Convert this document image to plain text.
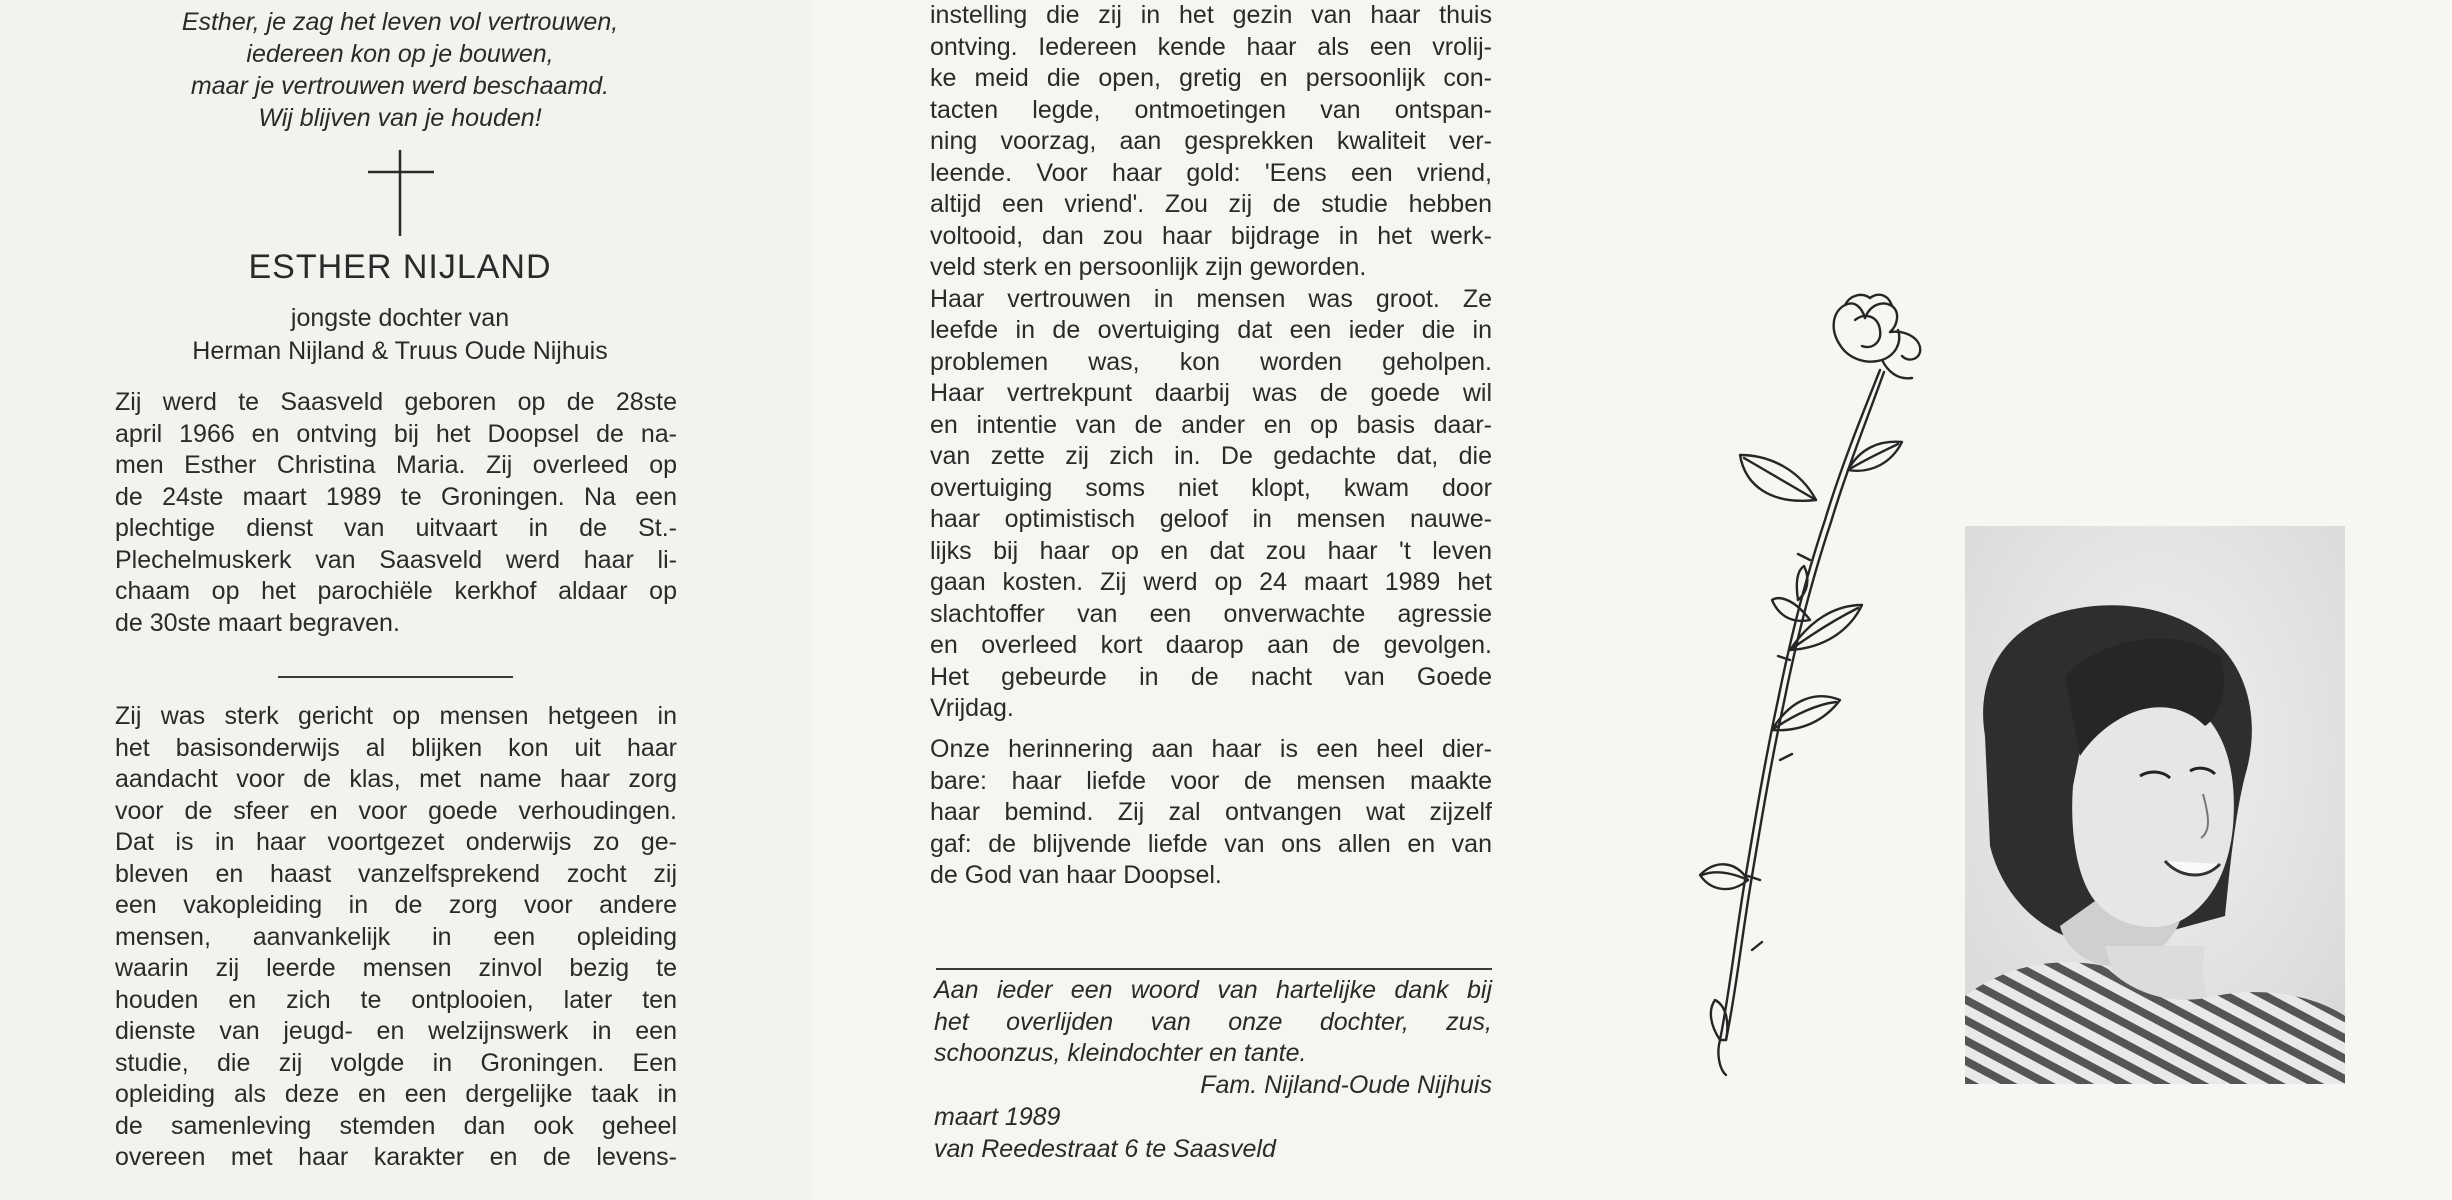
Esther, je zag het leven vol vertrouwen,
iedereen kon op je bouwen,
maar je vertrouwen werd beschaamd.
Wij blijven van je houden!
ESTHER NIJLAND
jongste dochter van
Herman Nijland & Truus Oude Nijhuis
Zij werd te Saasveld geboren op de 28ste
april 1966 en ontving bij het Doopsel de na-
men Esther Christina Maria. Zij overleed op
de 24ste maart 1989 te Groningen. Na een
plechtige dienst van uitvaart in de St.-
Plechelmuskerk van Saasveld werd haar li-
chaam op het parochiële kerkhof aldaar op
de 30ste maart begraven.
Zij was sterk gericht op mensen hetgeen in
het basisonderwijs al blijken kon uit haar
aandacht voor de klas, met name haar zorg
voor de sfeer en voor goede verhoudingen.
Dat is in haar voortgezet onderwijs zo ge-
bleven en haast vanzelfsprekend zocht zij
een vakopleiding in de zorg voor andere
mensen, aanvankelijk in een opleiding
waarin zij leerde mensen zinvol bezig te
houden en zich te ontplooien, later ten
dienste van jeugd- en welzijnswerk in een
studie, die zij volgde in Groningen. Een
opleiding als deze en een dergelijke taak in
de samenleving stemden dan ook geheel
overeen met haar karakter en de levens-
instelling die zij in het gezin van haar thuis
ontving. Iedereen kende haar als een vrolij-
ke meid die open, gretig en persoonlijk con-
tacten legde, ontmoetingen van ontspan-
ning voorzag, aan gesprekken kwaliteit ver-
leende. Voor haar gold: 'Eens een vriend,
altijd een vriend'. Zou zij de studie hebben
voltooid, dan zou haar bijdrage in het werk-
veld sterk en persoonlijk zijn geworden.
Haar vertrouwen in mensen was groot. Ze
leefde in de overtuiging dat een ieder die in
problemen was, kon worden geholpen.
Haar vertrekpunt daarbij was de goede wil
en intentie van de ander en op basis daar-
van zette zij zich in. De gedachte dat, die
overtuiging soms niet klopt, kwam door
haar optimistisch geloof in mensen nauwe-
lijks bij haar op en dat zou haar 't leven
gaan kosten. Zij werd op 24 maart 1989 het
slachtoffer van een onverwachte agressie
en overleed kort daarop aan de gevolgen.
Het gebeurde in de nacht van Goede
Vrijdag.
Onze herinnering aan haar is een heel dier-
bare: haar liefde voor de mensen maakte
haar bemind. Zij zal ontvangen wat zijzelf
gaf: de blijvende liefde van ons allen en van
de God van haar Doopsel.
Aan ieder een woord van hartelijke dank bij
het overlijden van onze dochter, zus,
schoonzus, kleindochter en tante.
Fam. Nijland-Oude Nijhuis
maart 1989
van Reedestraat 6 te Saasveld
